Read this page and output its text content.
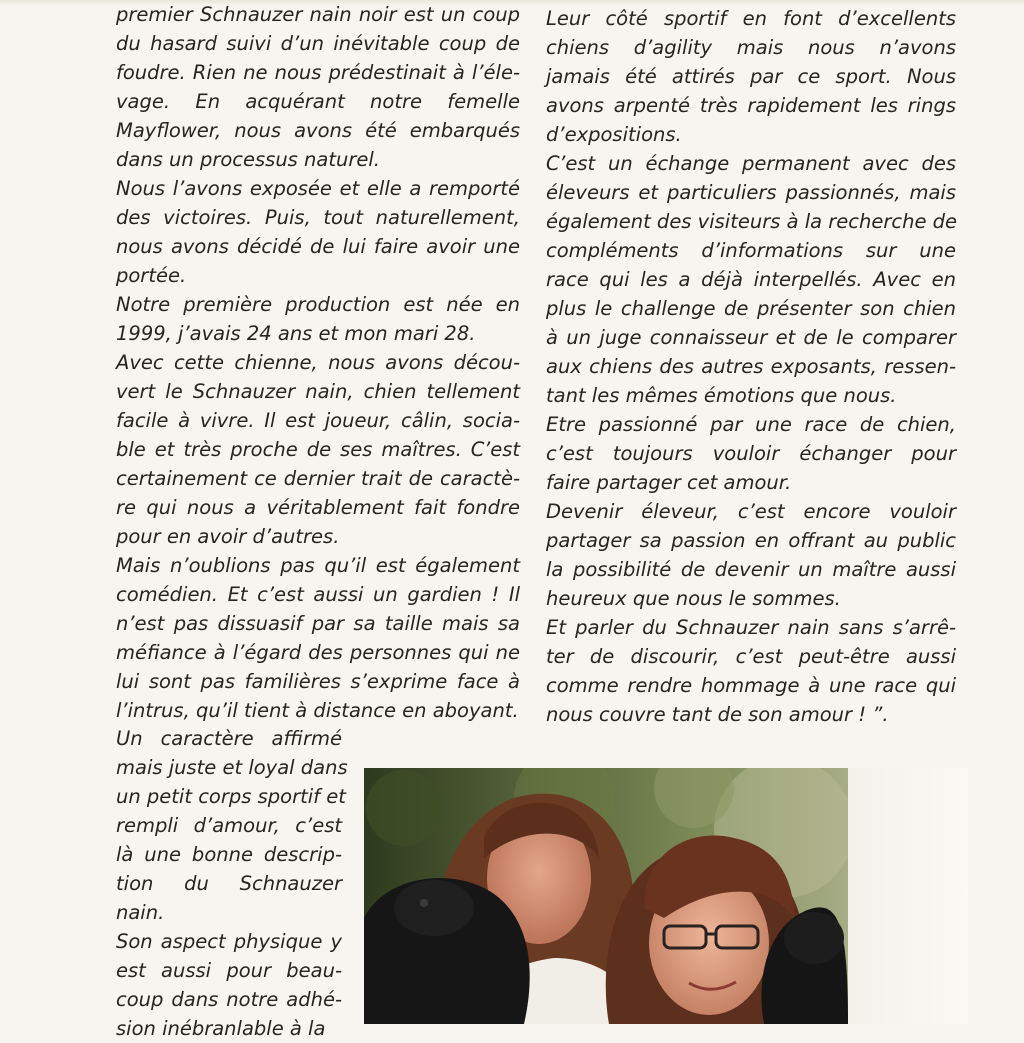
premier Schnauzer nain noir est un coup
du hasard suivi d’un inévitable coup de
foudre. Rien ne nous prédestinait à l’éle-
vage. En acquérant notre femelle
Mayflower, nous avons été embarqués
dans un processus naturel.

Nous l’avons exposée et elle a remporté
des victoires. Puis, tout naturellement,
nous avons décidé de lui faire avoir une
portée.

Notre première production est née en
1999, j’avais 24 ans et mon mari 28.

Avec cette chienne, nous avons décou-
vert le Schnauzer nain, chien tellement
facile à vivre. Il est joueur, câlin, socia-
ble et très proche de ses maîtres. C’est
certainement ce dernier trait de caractè-
re qui nous a véritablement fait fondre
pour en avoir d’autres.

Mais n’oublions pas qu’il est également
comédien. Et c’est aussi un gardien ! Il
n’est pas dissuasif par sa taille mais sa
méfiance à l’égard des personnes qui ne
lui sont pas familières s’exprime face à
l’intrus, qu’il tient à distance en aboyant.

Leur côté sportif en font d’excellents
chiens d’agility mais nous n’avons
jamais été attirés par ce sport. Nous
avons arpenté très rapidement les rings
d’expositions.

C’est un échange permanent avec des
éleveurs et particuliers passionnés, mais
également des visiteurs à la recherche de
compléments d’informations sur une
race qui les a déjà interpellés. Avec en
plus le challenge de présenter son chien
à un juge connaisseur et de le comparer
aux chiens des autres exposants, ressen-
tant les mêmes émotions que nous.

Etre passionné par une race de chien,
c’est toujours vouloir échanger pour
faire partager cet amour.

Devenir éleveur, c’est encore vouloir
partager sa passion en offrant au public
la possibilité de devenir un maître aussi
heureux que nous le sommes.

Et parler du Schnauzer nain sans s’arrê-
ter de discourir, c’est peut-être aussi
comme rendre hommage à une race qui
nous couvre tant de son amour ! ”.

Un caractère affirmé
mais juste et loyal dans
un petit corps sportif et
rempli d’amour, c’est
là une bonne descrip-
tion du Schnauzer
nain.

Son aspect physique y
est aussi pour beau-
coup dans notre adhé-
sion inébranlable à la
